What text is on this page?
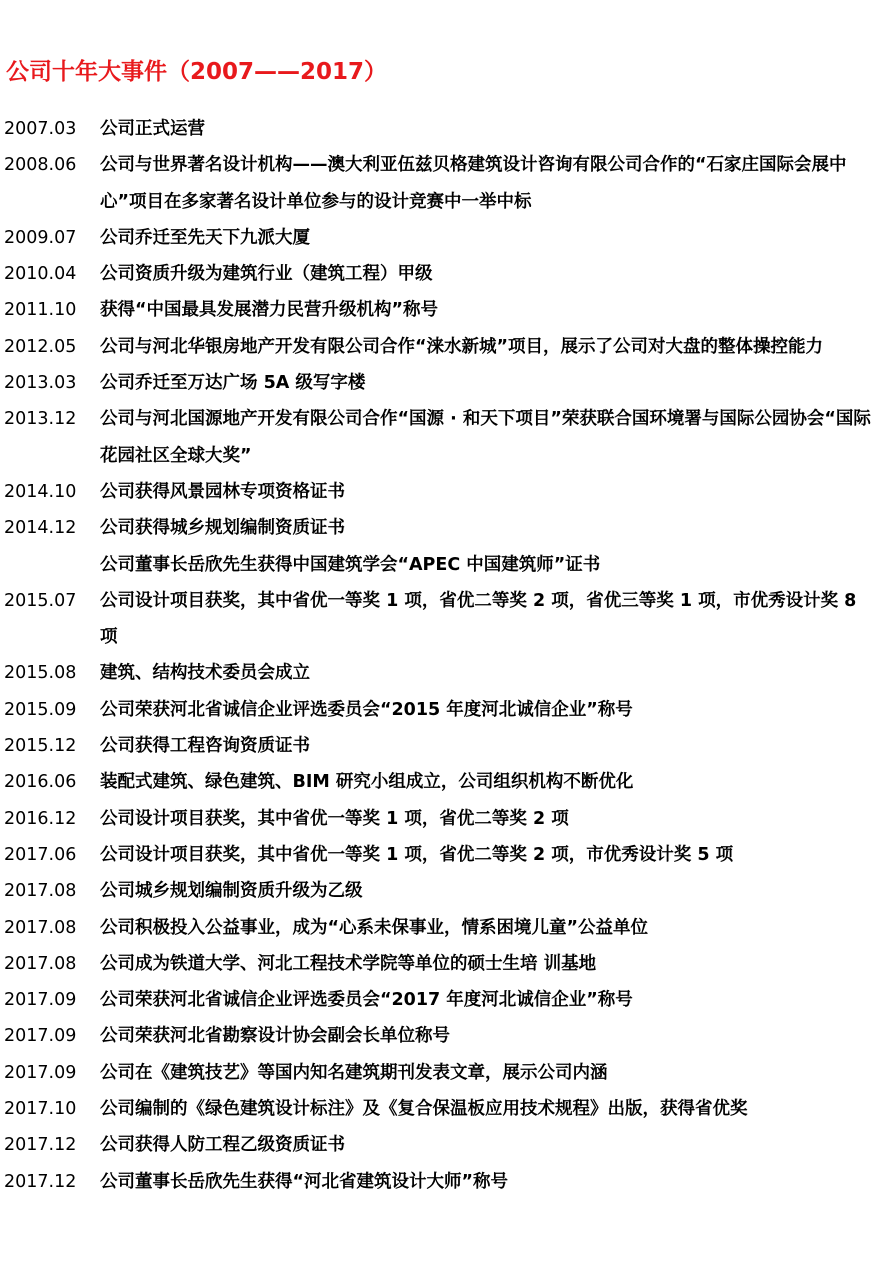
公司十年大事件（2007——2017）
2007.03	公司正式运营
2008.06	公司与世界著名设计机构——澳大利亚伍兹贝格建筑设计咨询有限公司合作的“石家庄国际会展中心”项目在多家著名设计单位参与的设计竞赛中一举中标
2009.07	公司乔迁至先天下九派大厦
2010.04	公司资质升级为建筑行业（建筑工程）甲级
2011.10	获得“中国最具发展潜力民营升级机构”称号
2012.05	公司与河北华银房地产开发有限公司合作“涞水新城”项目，展示了公司对大盘的整体操控能力
2013.03	公司乔迁至万达广场 5A 级写字楼
2013.12	公司与河北国源地产开发有限公司合作“国源 · 和天下项目”荣获联合国环境署与国际公园协会“国际花园社区全球大奖”
2014.10	公司获得风景园林专项资格证书
2014.12	公司获得城乡规划编制资质证书
公司董事长岳欣先生获得中国建筑学会“APEC 中国建筑师”证书
2015.07	公司设计项目获奖，其中省优一等奖 1 项，省优二等奖 2 项，省优三等奖 1 项，市优秀设计奖 8 项
2015.08	建筑、结构技术委员会成立
2015.09	公司荣获河北省诚信企业评选委员会“2015 年度河北诚信企业”称号
2015.12	公司获得工程咨询资质证书
2016.06	装配式建筑、绿色建筑、BIM 研究小组成立，公司组织机构不断优化
2016.12	公司设计项目获奖，其中省优一等奖 1 项，省优二等奖 2 项
2017.06	公司设计项目获奖，其中省优一等奖 1 项，省优二等奖 2 项，市优秀设计奖 5 项
2017.08	公司城乡规划编制资质升级为乙级
2017.08	公司积极投入公益事业，成为“心系未保事业，情系困境儿童”公益单位
2017.08	公司成为铁道大学、河北工程技术学院等单位的硕士生培 训基地
2017.09	公司荣获河北省诚信企业评选委员会“2017 年度河北诚信企业”称号
2017.09	公司荣获河北省勘察设计协会副会长单位称号
2017.09	公司在《建筑技艺》等国内知名建筑期刊发表文章，展示公司内涵
2017.10	公司编制的《绿色建筑设计标注》及《复合保温板应用技术规程》出版，获得省优奖
2017.12	公司获得人防工程乙级资质证书
2017.12	公司董事长岳欣先生获得“河北省建筑设计大师”称号
